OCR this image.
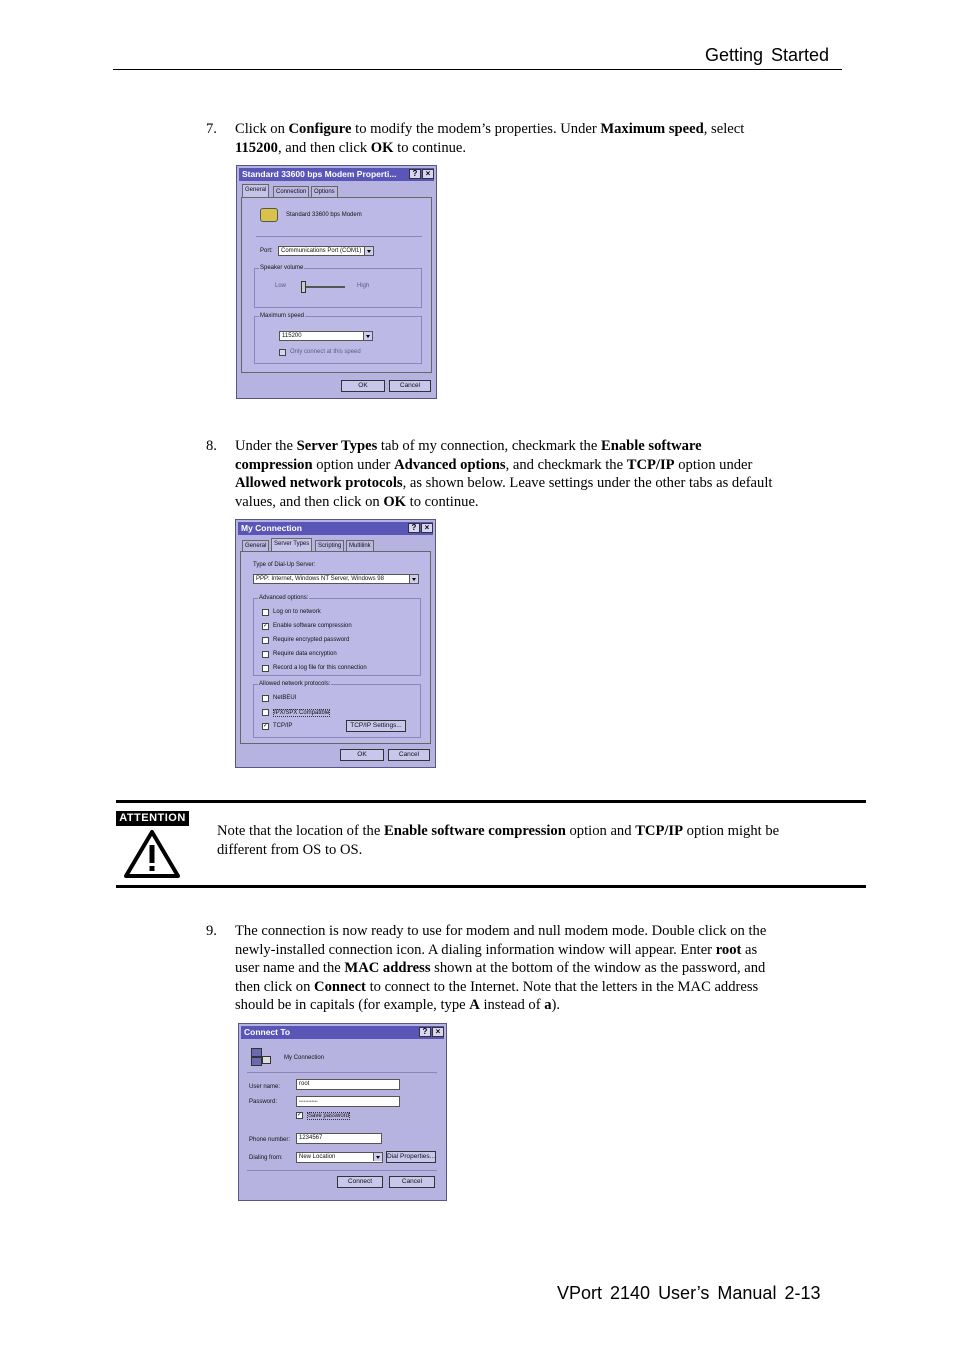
Getting Started
7. Click on Configure to modify the modem’s properties. Under Maximum speed, select
115200, and then click OK to continue.
Standard 33600 bps Modem Properti...	?	×
General	Connection	Options
Standard 33600 bps Modem
Port:	Communications Port (COM1)
Speaker volume
Low	High
Maximum speed
115200
Only connect at this speed
OK	Cancel
8. Under the Server Types tab of my connection, checkmark the Enable software
compression option under Advanced options, and checkmark the TCP/IP option under
Allowed network protocols, as shown below. Leave settings under the other tabs as default
values, and then click on OK to continue.
My Connection	?	×
General	Server Types	Scripting	Multilink
Type of Dial-Up Server:
PPP: Internet, Windows NT Server, Windows 98
Advanced options:
Log on to network
✓ Enable software compression
Require encrypted password
Require data encryption
Record a log file for this connection
Allowed network protocols:
NetBEUI
IPX/SPX Compatible
✓ TCP/IP	TCP/IP Settings...
OK	Cancel
ATTENTION
Note that the location of the Enable software compression option and TCP/IP option might be
different from OS to OS.
9. The connection is now ready to use for modem and null modem mode. Double click on the
newly-installed connection icon. A dialing information window will appear. Enter root as
user name and the MAC address shown at the bottom of the window as the password, and
then click on Connect to connect to the Internet. Note that the letters in the MAC address
should be in capitals (for example, type A instead of a).
Connect To	?	×
My Connection
User name:	root
Password:	************
✓ Save password
Phone number:	1234567
Dialing from:	New Location	Dial Properties...
Connect	Cancel
VPort 2140 User’s Manual 2-13
